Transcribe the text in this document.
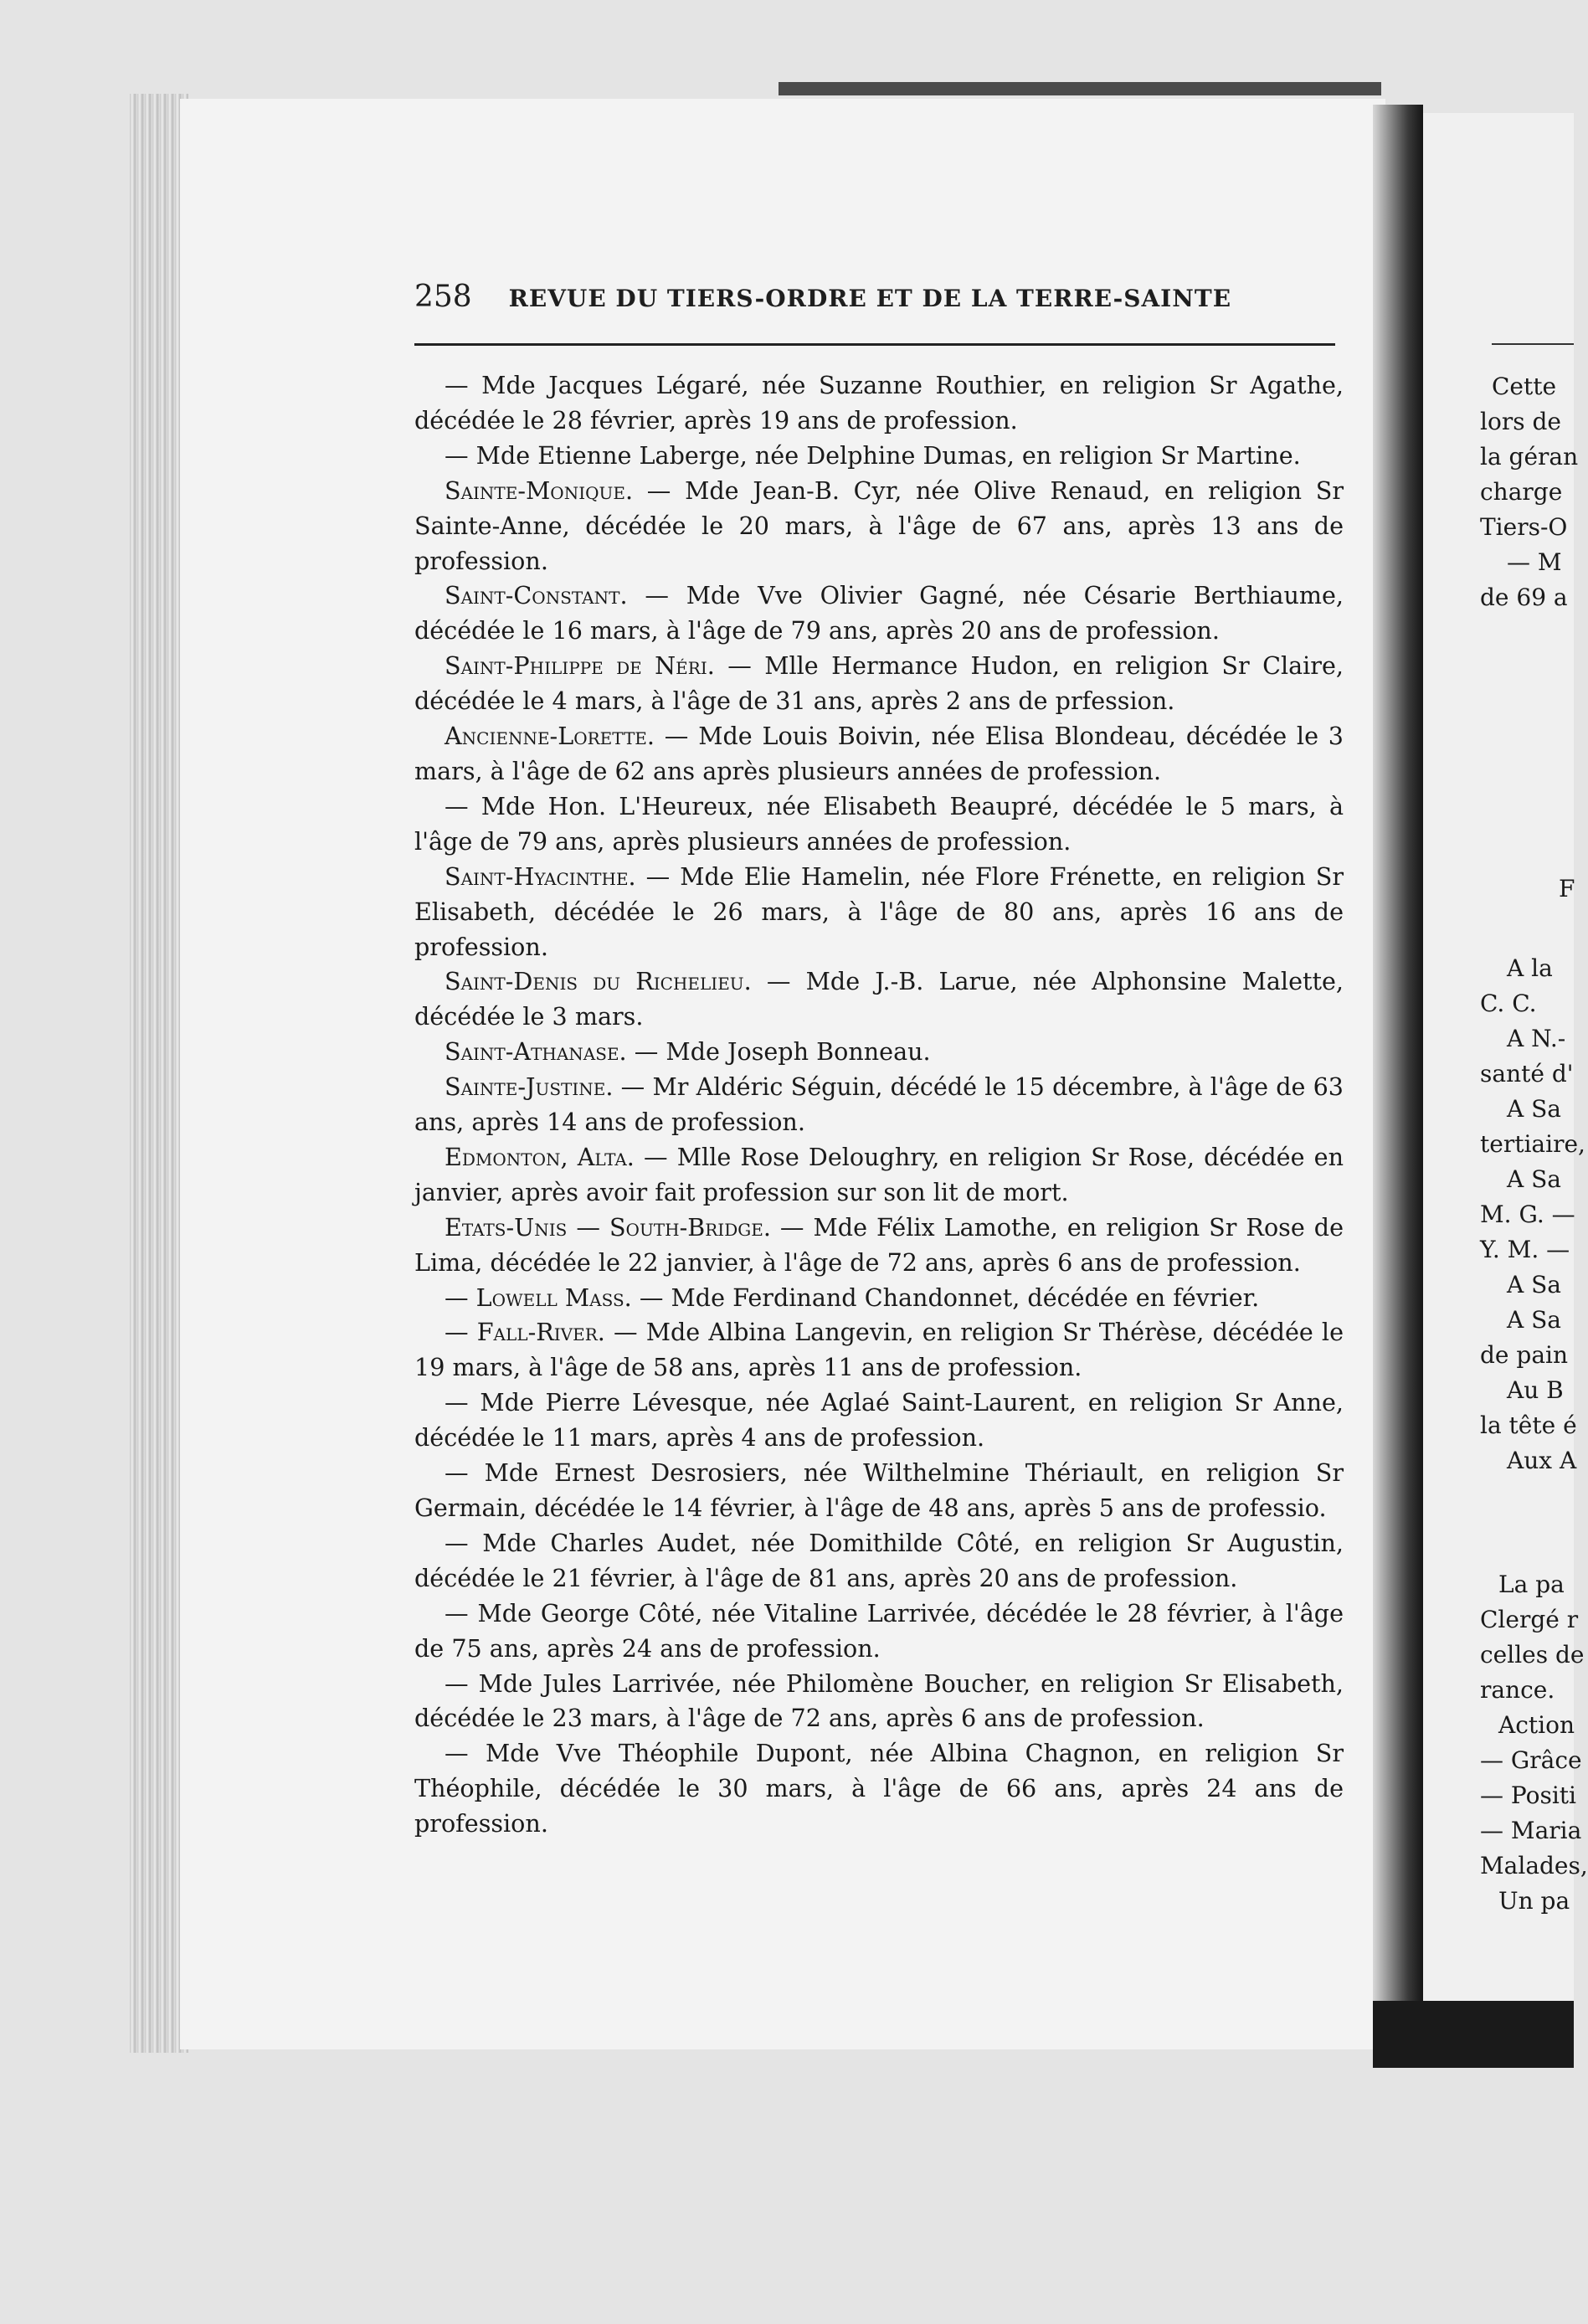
258 REVUE DU TIERS-ORDRE ET DE LA TERRE-SAINTE

— Mde Jacques Légaré, née Suzanne Routhier, en religion Sr Agathe, décédée le 28 février, après 19 ans de profession.

— Mde Etienne Laberge, née Delphine Dumas, en religion Sr Martine.

Sainte-Monique. — Mde Jean-B. Cyr, née Olive Renaud, en religion Sr Sainte-Anne, décédée le 20 mars, à l'âge de 67 ans, après 13 ans de profession.

Saint-Constant. — Mde Vve Olivier Gagné, née Césarie Berthiaume, décédée le 16 mars, à l'âge de 79 ans, après 20 ans de profession.

Saint-Philippe de Néri. — Mlle Hermance Hudon, en religion Sr Claire, décédée le 4 mars, à l'âge de 31 ans, après 2 ans de prfession.

Ancienne-Lorette. — Mde Louis Boivin, née Elisa Blondeau, décédée le 3 mars, à l'âge de 62 ans après plusieurs années de profession.

— Mde Hon. L'Heureux, née Elisabeth Beaupré, décédée le 5 mars, à l'âge de 79 ans, après plusieurs années de profession.

Saint-Hyacinthe. — Mde Elie Hamelin, née Flore Frénette, en religion Sr Elisabeth, décédée le 26 mars, à l'âge de 80 ans, après 16 ans de profession.

Saint-Denis du Richelieu. — Mde J.-B. Larue, née Alphonsine Malette, décédée le 3 mars.

Saint-Athanase. — Mde Joseph Bonneau.

Sainte-Justine. — Mr Aldéric Séguin, décédé le 15 décembre, à l'âge de 63 ans, après 14 ans de profession.

Edmonton, Alta. — Mlle Rose Deloughry, en religion Sr Rose, décédée en janvier, après avoir fait profession sur son lit de mort.

Etats-Unis — South-Bridge. — Mde Félix Lamothe, en religion Sr Rose de Lima, décédée le 22 janvier, à l'âge de 72 ans, après 6 ans de profession.

— Lowell Mass. — Mde Ferdinand Chandonnet, décédée en février.

— Fall-River. — Mde Albina Langevin, en religion Sr Thérèse, décédée le 19 mars, à l'âge de 58 ans, après 11 ans de profession.

— Mde Pierre Lévesque, née Aglaé Saint-Laurent, en religion Sr Anne, décédée le 11 mars, après 4 ans de profession.

— Mde Ernest Desrosiers, née Wilthelmine Thériault, en religion Sr Germain, décédée le 14 février, à l'âge de 48 ans, après 5 ans de professio.

— Mde Charles Audet, née Domithilde Côté, en religion Sr Augustin, décédée le 21 février, à l'âge de 81 ans, après 20 ans de profession.

— Mde George Côté, née Vitaline Larrivée, décédée le 28 février, à l'âge de 75 ans, après 24 ans de profession.

— Mde Jules Larrivée, née Philomène Boucher, en religion Sr Elisabeth, décédée le 23 mars, à l'âge de 72 ans, après 6 ans de profession.

— Mde Vve Théophile Dupont, née Albina Chagnon, en religion Sr Théophile, décédée le 30 mars, à l'âge de 66 ans, après 24 ans de profession.

Cette
lors de
la géran
charge
Tiers-O
— M
de 69 a
F
A la
C. C.
A N.-
santé d'
A Sa
tertiaire,
A Sa
M. G. —
Y. M. —
A Sa
A Sa
de pain
Au B
la tête é
Aux A
La pa
Clergé r
celles de
rance.
Action
— Grâce
— Positi
— Maria
Malades,
Un pa
